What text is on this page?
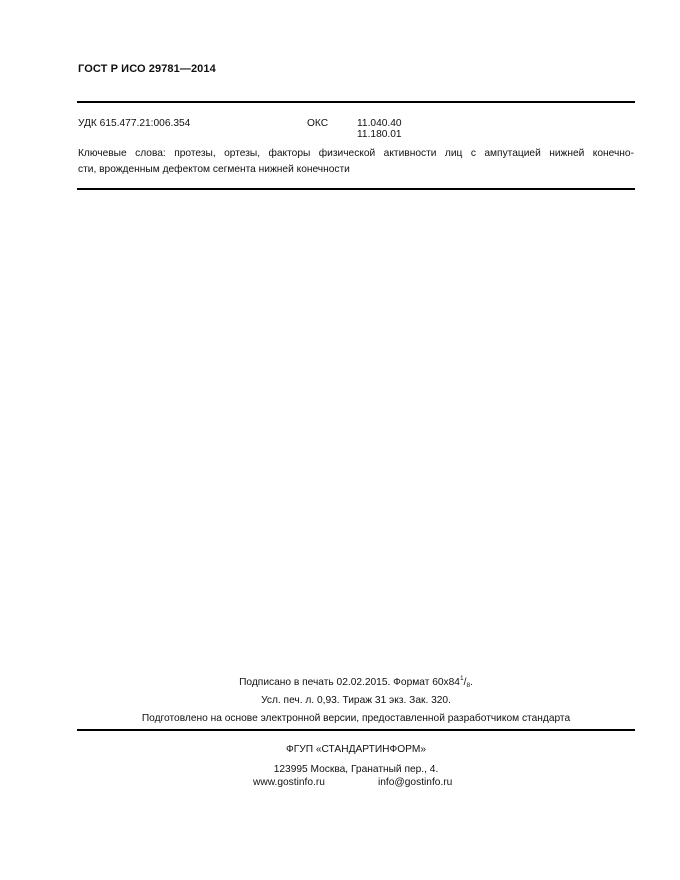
ГОСТ Р ИСО 29781—2014
УДК 615.477.21:006.354	ОКС	11.040.40
11.180.01
Ключевые слова: протезы, ортезы, факторы физической активности лиц с ампутацией нижней конечно-
сти, врожденным дефектом сегмента нижней конечности
Подписано в печать 02.02.2015. Формат $60x84^1/_8$.
Усл. печ. л. 0,93. Тираж 31 экз. Зак. 320.
Подготовлено на основе электронной версии, предоставленной разработчиком стандарта
ФГУП «СТАНДАРТИНФОРМ»
123995 Москва, Гранатный пер., 4.
www.gostinfo.ru	info@gostinfo.ru
